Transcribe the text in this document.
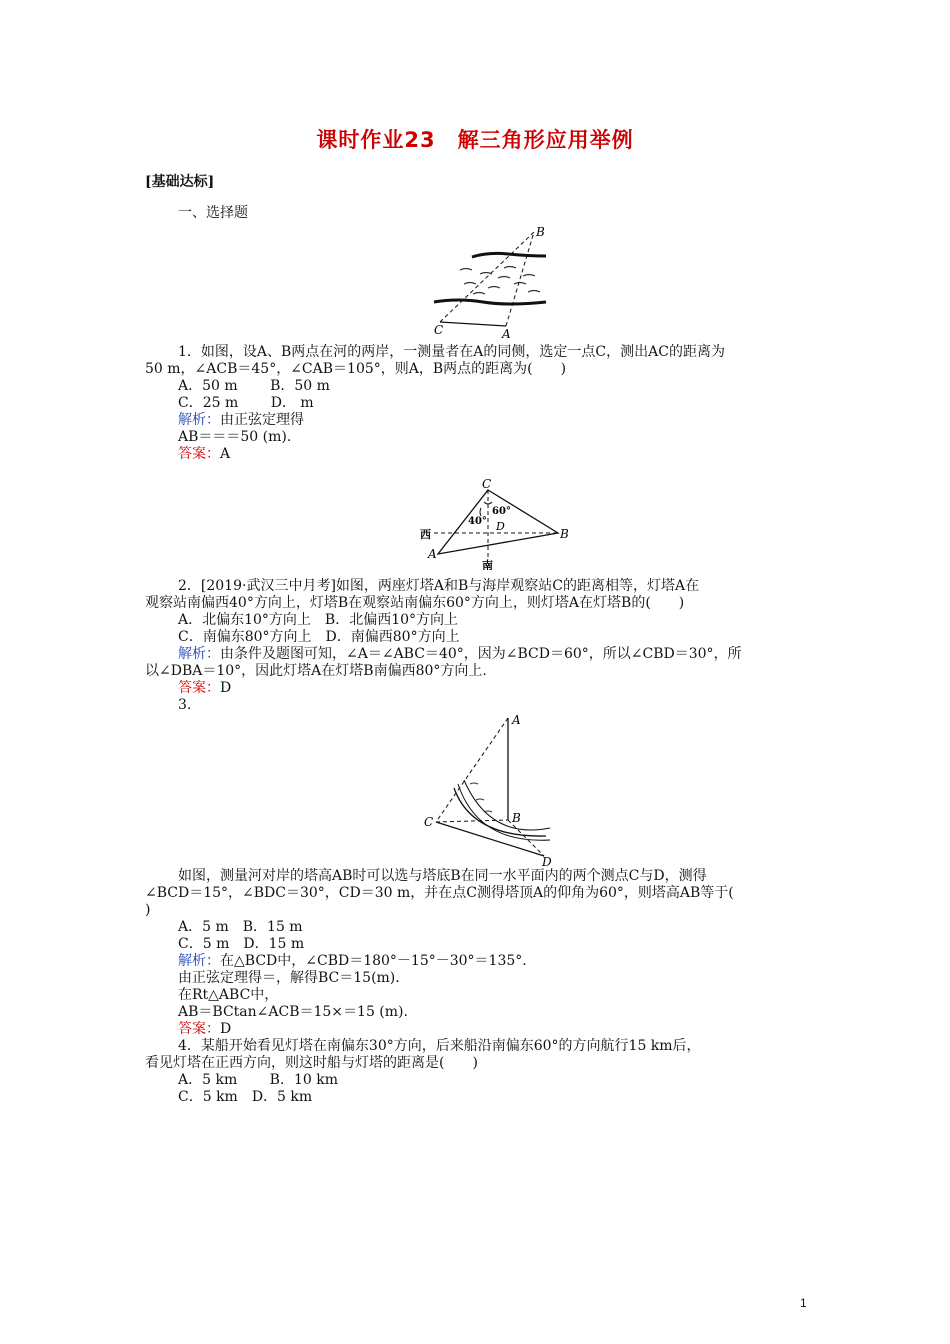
课时作业23　解三角形应用举例
[基础达标]
一、选择题
B
C	A
1．如图，设A、B两点在河的两岸，一测量者在A的同侧，选定一点C，测出AC的距离为
50 m，∠ACB＝45°，∠CAB＝105°，则A，B两点的距离为(　　)
A．50 m　　 B．50 m
C．25 m　　 D． m
解析：由正弦定理得
AB＝＝＝50 (m).
答案：A
C
60°
40° D
西	B
A
南
2．[2019·武汉三中月考]如图，两座灯塔A和B与海岸观察站C的距离相等，灯塔A在
观察站南偏西40°方向上，灯塔B在观察站南偏东60°方向上，则灯塔A在灯塔B的(　　)
A．北偏东10°方向上　B．北偏西10°方向上
C．南偏东80°方向上　D．南偏西80°方向上
解析：由条件及题图可知，∠A＝∠ABC＝40°，因为∠BCD＝60°，所以∠CBD＝30°，所
以∠DBA＝10°，因此灯塔A在灯塔B南偏西80°方向上.
答案：D
3.
A
B
C
D
如图，测量河对岸的塔高AB时可以选与塔底B在同一水平面内的两个测点C与D，测得
∠BCD＝15°，∠BDC＝30°，CD＝30 m，并在点C测得塔顶A的仰角为60°，则塔高AB等于(
)
A．5 m　B．15 m
C．5 m　D．15 m
解析：在△BCD中，∠CBD＝180°－15°－30°＝135°.
由正弦定理得＝，解得BC＝15(m).
在Rt△ABC中，
AB＝BCtan∠ACB＝15×＝15 (m).
答案：D
4．某船开始看见灯塔在南偏东30°方向，后来船沿南偏东60°的方向航行15 km后，
看见灯塔在正西方向，则这时船与灯塔的距离是(　　)
A．5 km　　 B．10 km
C．5 km　D．5 km
1
